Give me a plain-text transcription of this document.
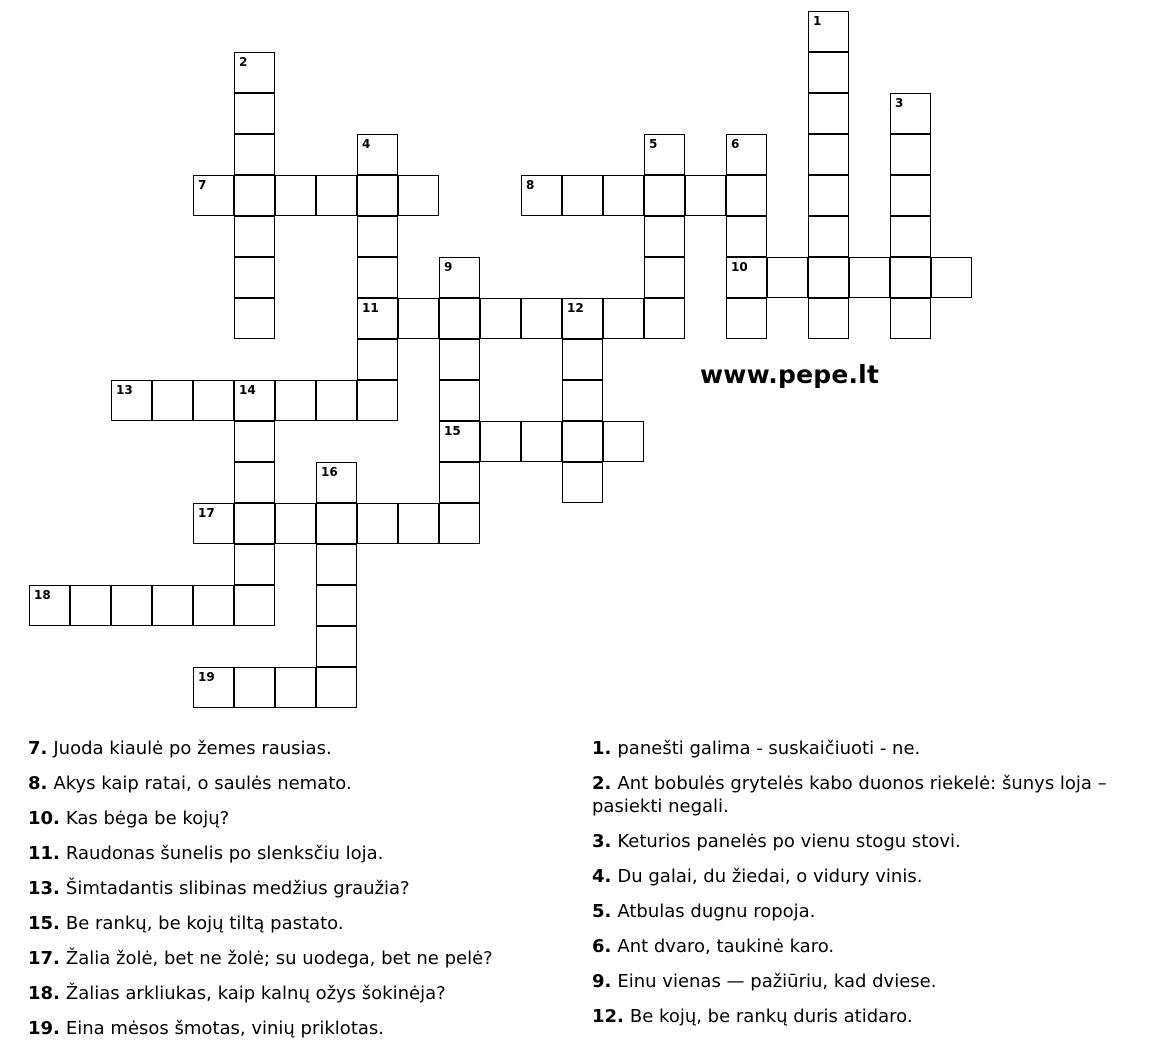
7	8
10
11	12
13	14
15
17
18
19
1
2
3
4	5	6
9
16
www.pepe.lt
7. Juoda kiaulė po žemes rausias.
8. Akys kaip ratai, o saulės nemato.
10. Kas bėga be kojų?
11. Raudonas šunelis po slenksčiu loja.
13. Šimtadantis slibinas medžius graužia?
15. Be rankų, be kojų tiltą pastato.
17. Žalia žolė, bet ne žolė; su uodega, bet ne pelė?
18. Žalias arkliukas, kaip kalnų ožys šokinėja?
19. Eina mėsos šmotas, vinių priklotas.
1. panešti galima - suskaičiuoti - ne.
2. Ant bobulės grytelės kabo duonos riekelė: šunys loja – pasiekti negali.
3. Keturios panelės po vienu stogu stovi.
4. Du galai, du žiedai, o vidury vinis.
5. Atbulas dugnu ropoja.
6. Ant dvaro, taukinė karo.
9. Einu vienas — pažiūriu, kad dviese.
12. Be kojų, be rankų duris atidaro.
